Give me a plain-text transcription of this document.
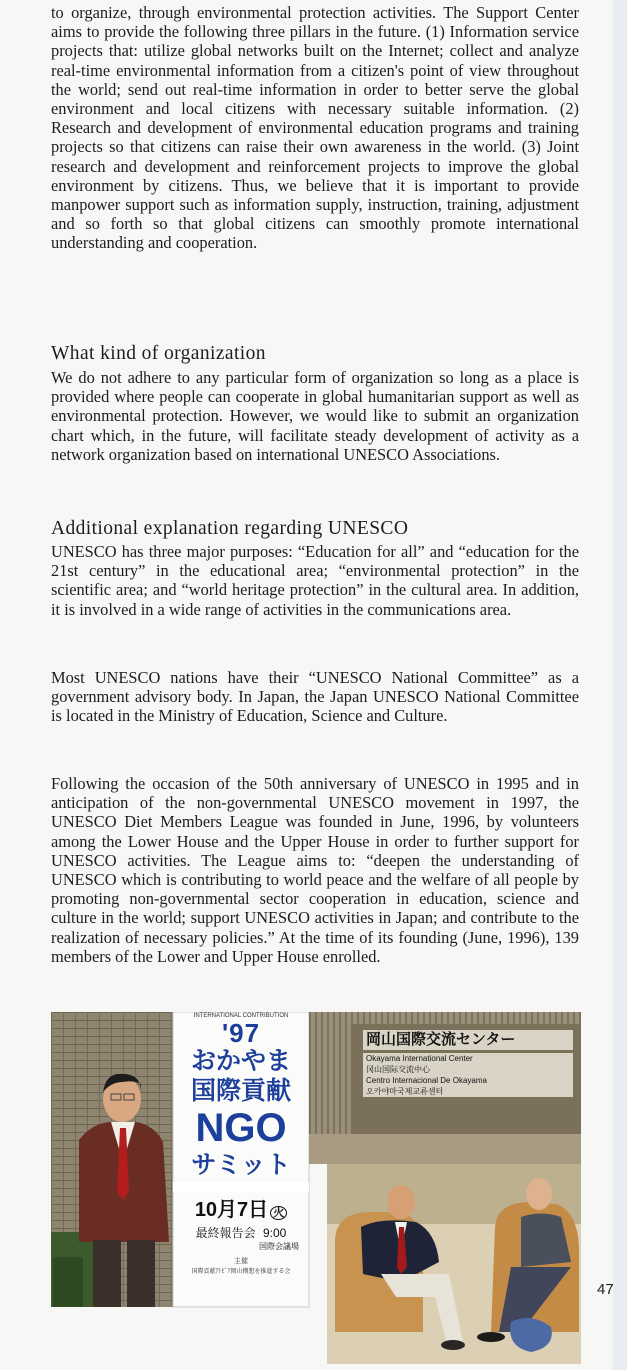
to organize, through environmental protection activities. The Support Center aims to provide the following three pillars in the future. (1) Information service projects that: utilize global networks built on the Internet; collect and analyze real-time environmental information from a citizen's point of view throughout the world; send out real-time information in order to better serve the global environment and local citizens with necessary suitable information. (2) Research and development of environmental education programs and training projects so that citizens can raise their own awareness in the world. (3) Joint research and development and reinforcement projects to improve the global environment by citizens. Thus, we believe that it is important to provide manpower support such as information supply, instruction, training, adjustment and so forth so that global citizens can smoothly promote international understanding and cooperation.

What kind of organization

We do not adhere to any particular form of organization so long as a place is provided where people can cooperate in global humanitarian support as well as environmental protection. However, we would like to submit an organization chart which, in the future, will facilitate steady development of activity as a network organization based on international UNESCO Associations.

Additional explanation regarding UNESCO

UNESCO has three major purposes: “Education for all” and “education for the 21st century” in the educational area; “environmental protection” in the scientific area; and “world heritage protection” in the cultural area. In addition, it is involved in a wide range of activities in the communications area.

Most UNESCO nations have their “UNESCO National Committee” as a government advisory body. In Japan, the Japan UNESCO National Committee is located in the Ministry of Education, Science and Culture.

Following the occasion of the 50th anniversary of UNESCO in 1995 and in anticipation of the non-governmental UNESCO movement in 1997, the UNESCO Diet Members League was founded in June, 1996, by volunteers among the Lower House and the Upper House in order to further support for UNESCO activities. The League aims to: “deepen the understanding of UNESCO which is contributing to world peace and the welfare of all people by promoting non-governmental sector cooperation in education, science and culture in the world; support UNESCO activities in Japan; and contribute to the realization of necessary policies.” At the time of its founding (June, 1996), 139 members of the Lower and Upper House enrolled.

INTERNATIONAL CONTRIBUTION
'97
おかやま
国際貢献
NGO
サミット
10月7日 火
最終報告会 9:00
国際会議場
主催
国際貢献ｱﾄﾋﾟｱ岡山構想を推進する会
岡山国際交流センター
Okayama International Center
冈山国际交流中心
Centro Internacional De Okayama
오카야마국제교류센터
47
